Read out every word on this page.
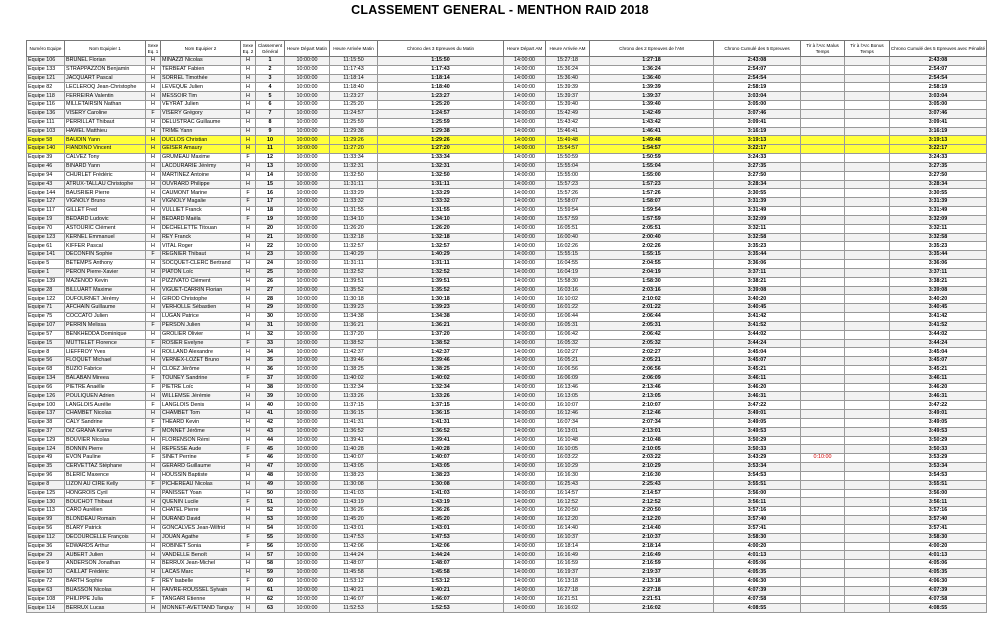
CLASSEMENT GENERAL - MENTHON RAID 2018
Numéro Equipe	Nom Equipier 1	Sexe Eq. 1	Nom Equipier 2	Sexe Eq. 2	Classement Général	Heure Départ Matin	Heure Arrivée Matin	Chrono des 3 Epreuves du Matin	Heure Départ AM	Heure Arrivée AM	Chrono des 2 Epreuves de l'AM	Chrono Cumulé des 5 Epreuves	Tir à l'Arc Malus Temps	Tir à l'Arc Bonus Temps	Chrono Cumulé des 5 Epreuves avec Pénalité
Equipe 106	BRUNEL Florian	H	MINAZZI Nicolas	H	1	10:00:00	11:15:50	1:15:50	14:00:00	15:27:18	1:27:18	2:43:08			2:43:08
Equipe 133	STRAPPAZZON Benjamin	H	TERBEAT Fabien	H	2	10:00:00	11:17:43	1:17:43	14:00:00	15:36:24	1:36:24	2:54:07			2:54:07
Equipe 121	JACQUART Pascal	H	SORREL Timothée	H	3	10:00:00	11:18:14	1:18:14	14:00:00	15:36:40	1:36:40	2:54:54			2:54:54
Equipe 82	LECLEROQ Jean-Christophe	H	LEVEQUE Julien	H	4	10:00:00	11:18:40	1:18:40	14:00:00	15:39:39	1:39:39	2:58:19			2:58:19
Equipe 118	FERREIRA Valentin	H	MESSOIR Tim	H	5	10:00:00	11:23:27	1:23:27	14:00:00	15:39:37	1:39:37	3:03:04			3:03:04
Equipe 116	MILLETAIRSIN Nathan	H	VEYRAT Julien	H	6	10:00:00	11:25:20	1:25:20	14:00:00	15:39:40	1:39:40	3:05:00			3:05:00
Equipe 136	VISERY Caroline	F	VISERY Grégory	H	7	10:00:00	11:24:57	1:24:57	14:00:00	15:42:49	1:42:49	3:07:46			3:07:46
Equipe 111	PERRILLAT Thibaut	H	DELUSTRAC Guillaume	H	8	10:00:00	11:25:59	1:25:59	14:00:00	15:43:42	1:43:42	3:09:41			3:09:41
Equipe 103	HAWEL Matthieu	H	TRIME Yann	H	9	10:00:00	11:29:38	1:29:38	14:00:00	15:46:41	1:46:41	3:16:19			3:16:19
Equipe 58	BAUDIN Yann	H	DUCLOS Christian	H	10	10:00:00	11:29:26	1:29:26	14:00:00	15:49:48	1:49:48	3:19:13			3:19:13
Equipe 140	FIANDINO Vincent	H	GEISER Amaury	H	11	10:00:00	11:27:20	1:27:20	14:00:00	15:54:57	1:54:57	3:22:17			3:22:17
Equipe 39	CALVEZ Tony	H	GRUMEAU Maxime	F	12	10:00:00	11:33:34	1:33:34	14:00:00	15:50:59	1:50:59	3:24:33			3:24:33
Equipe 46	BINARD Yann	H	LACOURARIE Jérémy	H	13	10:00:00	11:32:31	1:32:31	14:00:00	15:55:04	1:55:04	3:27:35			3:27:35
Equipe 94	CHURLET Frédéric	H	MARTINEZ Antoine	H	14	10:00:00	11:32:50	1:32:50	14:00:00	15:55:00	1:55:00	3:27:50			3:27:50
Equipe 43	ATRUX-TALLAU Christophe	H	OUVRARD Philippe	H	15	10:00:00	11:31:11	1:31:11	14:00:00	15:57:23	1:57:23	3:28:34			3:28:34
Equipe 144	BAUSRIER Pierre	H	CAUMONT Marine	F	16	10:00:00	11:33:29	1:33:29	14:00:00	15:57:26	1:57:26	3:30:55			3:30:55
Equipe 127	VIGNOLY Bruno	H	VIGNOLY Magalie	F	17	10:00:00	11:33:32	1:33:32	14:00:00	15:58:07	1:58:07	3:31:39			3:31:39
Equipe 117	GILLET Fred	H	VULLIET Franck	H	18	10:00:00	11:31:55	1:31:55	14:00:00	15:59:54	1:59:54	3:31:49			3:31:49
Equipe 19	BEDARD Ludovic	H	BEDARD Maëla	F	19	10:00:00	11:34:10	1:34:10	14:00:00	15:57:59	1:57:59	3:32:09			3:32:09
Equipe 70	ASTOURIC Clément	H	DECHELETTE Titouan	H	20	10:00:00	11:26:20	1:26:20	14:00:00	16:05:51	2:05:51	3:32:11			3:32:11
Equipe 123	KERNEL Emmanuel	H	REY Franck	H	21	10:00:00	11:32:18	1:32:18	14:00:00	16:00:40	2:00:40	3:32:58			3:32:58
Equipe 61	KIFFER Pascal	H	VITAL Roger	H	22	10:00:00	11:32:57	1:32:57	14:00:00	16:02:26	2:02:26	3:35:23			3:35:23
Equipe 141	DECONFIN Sophie	F	REGNIER Thibaut	H	23	10:00:00	11:40:29	1:40:29	14:00:00	15:55:15	1:55:15	3:35:44			3:35:44
Equipe 5	BETEMPS Anthony	H	SOCQUET-CLERC Bertrand	H	24	10:00:00	11:31:11	1:31:11	14:00:00	16:04:55	2:04:55	3:36:06			3:36:06
Equipe 1	PERON Pierre-Xavier	H	PIATON Loïc	H	25	10:00:00	11:32:52	1:32:52	14:00:00	16:04:19	2:04:19	3:37:11			3:37:11
Equipe 139	MAZENOD Kevin	H	PIZZIVATO Clément	H	26	10:00:00	11:39:51	1:39:51	14:00:00	15:58:30	1:58:30	3:38:21			3:38:21
Equipe 28	BILLUART Maxime	H	VIGUET-CARRIN Florian	H	27	10:00:00	11:35:52	1:35:52	14:00:00	16:03:16	2:03:16	3:39:08			3:39:08
Equipe 122	DUFOURNET Jérémy	H	GIROD Christophe	H	28	10:00:00	11:30:18	1:30:18	14:00:00	16:10:02	2:10:02	3:40:20			3:40:20
Equipe 71	AFCHAIN Guillaume	H	VERHOLLE Sébastien	H	29	10:00:00	11:39:23	1:39:23	14:00:00	16:01:22	2:01:22	3:40:45			3:40:45
Equipe 75	COCCATO Julien	H	LUGAN Patrice	H	30	10:00:00	11:34:38	1:34:38	14:00:00	16:06:44	2:06:44	3:41:42			3:41:42
Equipe 107	PERRIN Melissa	F	PERSON Julien	H	31	10:00:00	11:36:21	1:36:21	14:00:00	16:05:31	2:05:31	3:41:52			3:41:52
Equipe 57	BENKHEDDA Dominique	H	GROLIER Olivier	H	32	10:00:00	11:37:20	1:37:20	14:00:00	16:06:42	2:06:42	3:44:02			3:44:02
Equipe 15	MUTTELET Florence	F	ROSIER Evelyne	F	33	10:00:00	11:38:52	1:38:52	14:00:00	16:05:32	2:05:32	3:44:24			3:44:24
Equipe 8	LIEFFROY Yves	H	ROLLAND Alexandre	H	34	10:00:00	11:42:37	1:42:37	14:00:00	16:02:27	2:02:27	3:45:04			3:45:04
Equipe 56	FLOQUET Michael	H	VERNEX-LOZET Bruno	H	35	10:00:00	11:39:46	1:39:46	14:00:00	16:05:21	2:05:21	3:45:07			3:45:07
Equipe 68	BUZIO Fabrice	H	CLOEZ Jérôme	H	36	10:00:00	11:38:25	1:38:25	14:00:00	16:06:56	2:06:56	3:45:21			3:45:21
Equipe 134	BALABAN Mireea	F	TOUNEY Sandrine	F	37	10:00:00	11:40:02	1:40:02	14:00:00	16:06:09	2:06:09	3:46:11			3:46:11
Equipe 66	PIETRE Anaëlle	F	PIETRE Loïc	H	38	10:00:00	11:32:34	1:32:34	14:00:00	16:13:46	2:13:46	3:46:20			3:46:20
Equipe 126	POULIQUEN Adrien	H	WILLEMSE Jérémie	H	39	10:00:00	11:33:26	1:33:26	14:00:00	16:13:05	2:13:05	3:46:31			3:46:31
Equipe 100	LANGLOIS Aurélie	F	LANGLOIS Denis	H	40	10:00:00	11:37:15	1:37:15	14:00:00	16:10:07	2:10:07	3:47:22			3:47:22
Equipe 137	CHAMBET Nicolas	H	CHAMBET Tom	H	41	10:00:00	11:36:15	1:36:15	14:00:00	16:12:46	2:12:46	3:49:01			3:49:01
Equipe 38	CALY Sandrine	F	THEARD Kevin	H	42	10:00:00	11:41:31	1:41:31	14:00:00	16:07:34	2:07:34	3:49:05			3:49:05
Equipe 37	DIZ GRANA Karine	F	MONNET Jérôme	H	43	10:00:00	11:36:52	1:36:52	14:00:00	16:13:01	2:13:01	3:49:53			3:49:53
Equipe 129	BOUVIER Nicolas	H	FLORENSON Rémi	H	44	10:00:00	11:39:41	1:39:41	14:00:00	16:10:48	2:10:48	3:50:29			3:50:29
Equipe 124	BONNIN Pierre	H	REPESSE Aude	F	45	10:00:00	11:40:28	1:40:28	14:00:00	16:10:05	2:10:05	3:50:33			3:50:33
Equipe 49	EVON Pauline	F	SINET Perrine	F	46	10:00:00	11:40:07	1:40:07	14:00:00	16:03:22	2:03:22	3:43:29	0:10:00		3:53:29
Equipe 35	CERVETTAZ Stéphane	H	GERARD Guillaume	H	47	10:00:00	11:43:05	1:43:05	14:00:00	16:10:29	2:10:29	3:53:34			3:53:34
Equipe 96	BLERIC Maxence	H	HOUSSIN Baptiste	H	48	10:00:00	11:38:23	1:38:23	14:00:00	16:16:30	2:16:30	3:54:53			3:54:53
Equipe 8	LIZON AU CIRE Kelly	F	PICHEREAU Nicolas	H	49	10:00:00	11:30:08	1:30:08	14:00:00	16:25:43	2:25:43	3:55:51			3:55:51
Equipe 125	HONGROIS Cyril	H	PANISSET Yoan	H	50	10:00:00	11:41:03	1:41:03	14:00:00	16:14:57	2:14:57	3:56:00			3:56:00
Equipe 130	BOUCHOT Thibaut	H	QUENIN Lucile	F	51	10:00:00	11:43:19	1:43:19	14:00:00	16:12:52	2:12:52	3:56:11			3:56:11
Equipe 113	CARO Aurélien	H	CHATEL Pierre	H	52	10:00:00	11:36:26	1:36:26	14:00:00	16:20:50	2:20:50	3:57:16			3:57:16
Equipe 99	BLONDEAU Romain	H	DURAND David	H	53	10:00:00	11:45:20	1:45:20	14:00:00	16:12:20	2:12:20	3:57:40			3:57:40
Equipe 56	BLARY Patrick	H	GONCALVES Jean-Wilfrid	H	54	10:00:00	11:43:01	1:43:01	14:00:00	16:14:40	2:14:40	3:57:41			3:57:41
Equipe 112	DECOURCELLE François	H	JOUAN Agathe	F	55	10:00:00	11:47:53	1:47:53	14:00:00	16:10:37	2:10:37	3:58:30			3:58:30
Equipe 36	EDWARDS Arthur	H	ROBINET Sonia	F	56	10:00:00	11:42:06	1:42:06	14:00:00	16:18:14	2:18:14	4:00:20			4:00:20
Equipe 29	AUBERT Julien	H	VANDELLE Benoît	H	57	10:00:00	11:44:24	1:44:24	14:00:00	16:16:49	2:16:49	4:01:13			4:01:13
Equipe 9	ANDERSON Jonathan	H	BERRUX Jean-Michel	H	58	10:00:00	11:48:07	1:48:07	14:00:00	16:16:59	2:16:59	4:05:06			4:05:06
Equipe 10	CAILLAT Frédéric	H	LACAS Marc	H	59	10:00:00	11:45:58	1:45:58	14:00:00	16:19:37	2:19:37	4:05:35			4:05:35
Equipe 72	BARTH Sophie	F	REY Isabelle	F	60	10:00:00	11:53:12	1:53:12	14:00:00	16:13:18	2:13:18	4:06:30			4:06:30
Equipe 63	BUASSON Nicolas	H	FAIVRE-ROUSSEL Sylvain	H	61	10:00:00	11:40:21	1:40:21	14:00:00	16:27:18	2:27:18	4:07:39			4:07:39
Equipe 108	PHILIPPE Julia	F	TANGARI Etienne	H	62	10:00:00	11:46:07	1:46:07	14:00:00	16:21:51	2:21:51	4:07:58			4:07:58
Equipe 114	BERRUX Lucas	H	MONNET-AVETTAND Tanguy	H	63	10:00:00	11:52:53	1:52:53	14:00:00	16:16:02	2:16:02	4:08:55			4:08:55
